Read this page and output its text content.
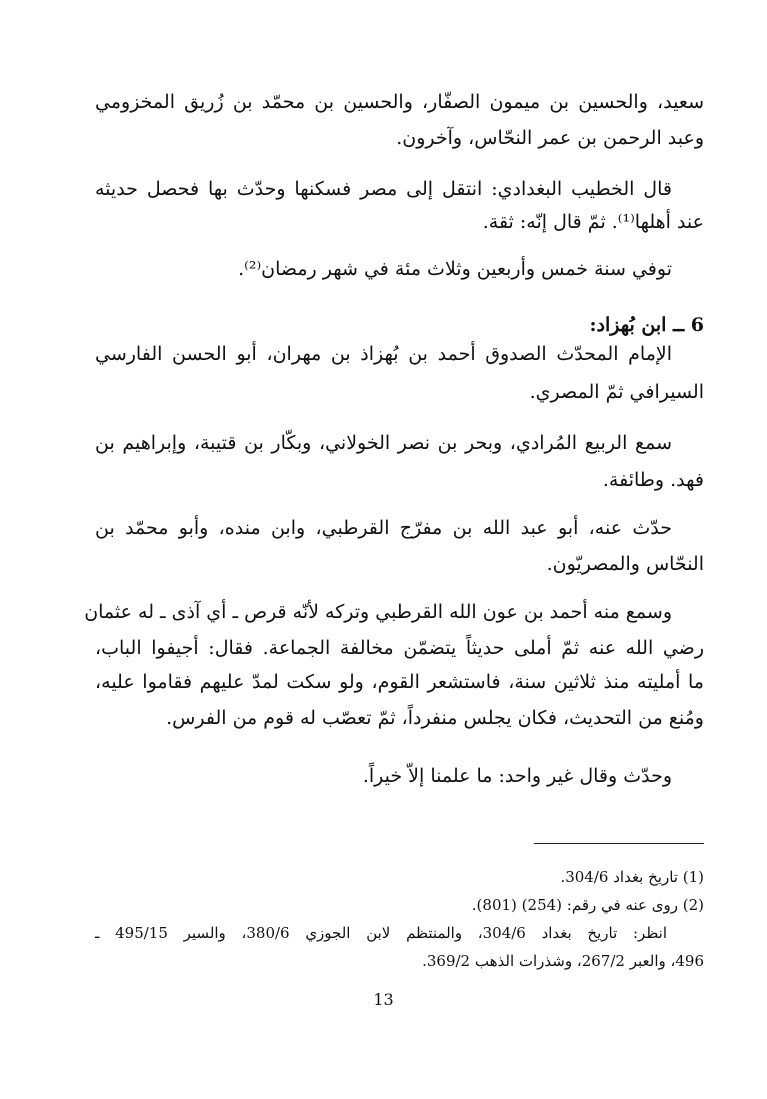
سعيد، والحسين بن ميمون الصفّار، والحسين بن محمّد بن زُريق المخزومي
وعبد الرحمن بن عمر النحّاس، وآخرون.
قال الخطيب البغدادي: انتقل إلى مصر فسكنها وحدّث بها فحصل حديثه
عند أهلها⁽¹⁾. ثمّ قال إنّه: ثقة.
توفي سنة خمس وأربعين وثلاث مئة في شهر رمضان⁽²⁾.
6 ــ ابن بُهزاد:
الإمام المحدّث الصدوق أحمد بن بُهزاذ بن مهران، أبو الحسن الفارسي
السيرافي ثمّ المصري.
سمع الربيع المُرادي، وبحر بن نصر الخولاني، وبكّار بن قتيبة، وإبراهيم بن
فهد. وطائفة.
حدّث عنه، أبو عبد الله بن مفرّج القرطبي، وابن منده، وأبو محمّد بن
النحّاس والمصريّون.
وسمع منه أحمد بن عون الله القرطبي وتركه لأنّه قرص ـ أي آذى ـ له عثمان
رضي الله عنه ثمّ أملى حديثاً يتضمّن مخالفة الجماعة. فقال: أجيفوا الباب،
ما أمليته منذ ثلاثين سنة، فاستشعر القوم، ولو سكت لمدّ عليهم فقاموا عليه،
ومُنع من التحديث، فكان يجلس منفرداً، ثمّ تعصّب له قوم من الفرس.
وحدّث وقال غير واحد: ما علمنا إلاّ خيراً.
(1) تاريخ بغداد 304/6.
(2) روى عنه في رقم: (254) (801).
انظر: تاريخ بغداد 304/6، والمنتظم لابن الجوزي 380/6، والسير 495/15 ـ
496، والعبر 267/2، وشذرات الذهب 369/2.
13
